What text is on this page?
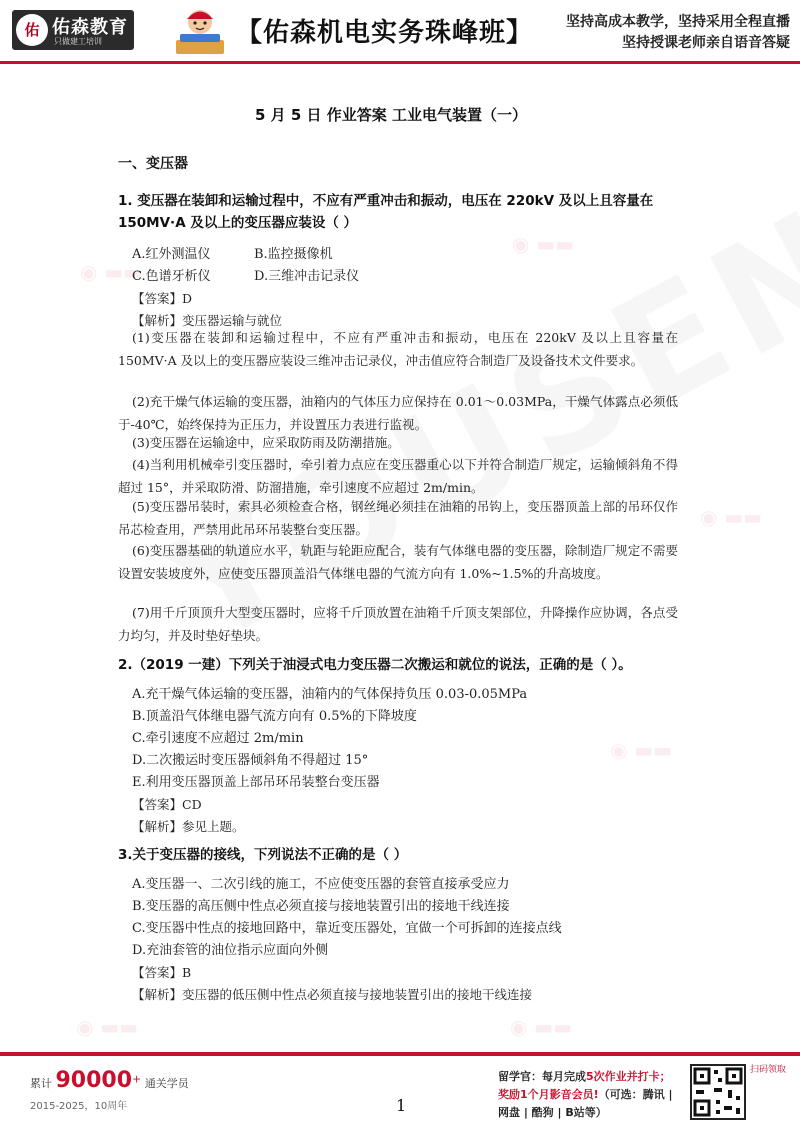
佑 佑森教育
只做建工培训	【佑森机电实务珠峰班】 坚持高成本教学，坚持采用全程直播
坚持授课老师亲自语音答疑
◉ ▬▬
◉ ▬▬
◉ ▬▬
◉ ▬▬
◉ ▬▬	◉ ▬▬
5 月 5 日 作业答案 工业电气装置（一）
一、变压器
1. 变压器在装卸和运输过程中，不应有严重冲击和振动，电压在 220kV 及以上且容量在
150MV·A 及以上的变压器应装设（ ）
A.红外测温仪	B.监控摄像机
C.色谱牙析仪	D.三维冲击记录仪
【答案】D
【解析】变压器运输与就位
(1)变压器在装卸和运输过程中，不应有严重冲击和振动，电压在 220kV 及以上且容量在 150MV·A 及以上的变压器应装设三维冲击记录仪，冲击值应符合制造厂及设备技术文件要求。
(2)充干燥气体运输的变压器，油箱内的气体压力应保持在 0.01～0.03MPa，干燥气体露点必须低于-40℃，始终保持为正压力，并设置压力表进行监视。
(3)变压器在运输途中，应采取防雨及防潮措施。
(4)当利用机械牵引变压器时，牵引着力点应在变压器重心以下并符合制造厂规定，运输倾斜角不得超过 15°，并采取防滑、防溜措施，牵引速度不应超过 2m/min。
(5)变压器吊装时，索具必须检查合格，钢丝绳必须挂在油箱的吊钩上，变压器顶盖上部的吊环仅作吊芯检查用，严禁用此吊环吊装整台变压器。
(6)变压器基础的轨道应水平，轨距与轮距应配合，装有气体继电器的变压器，除制造厂规定不需要设置安装坡度外，应使变压器顶盖沿气体继电器的气流方向有 1.0%~1.5%的升高坡度。
(7)用千斤顶顶升大型变压器时，应将千斤顶放置在油箱千斤顶支架部位，升降操作应协调，各点受力均匀，并及时垫好垫块。
2.（2019 一建）下列关于油浸式电力变压器二次搬运和就位的说法，正确的是（ ）。
A.充干燥气体运输的变压器，油箱内的气体保持负压 0.03-0.05MPa
B.顶盖沿气体继电器气流方向有 0.5%的下降坡度
C.牵引速度不应超过 2m/min
D.二次搬运时变压器倾斜角不得超过 15°
E.利用变压器顶盖上部吊环吊装整台变压器
【答案】CD
【解析】参见上题。
3.关于变压器的接线，下列说法不正确的是（ ）
A.变压器一、二次引线的施工，不应使变压器的套管直接承受应力
B.变压器的高压侧中性点必须直接与接地装置引出的接地干线连接
C.变压器中性点的接地回路中，靠近变压器处，宜做一个可拆卸的连接点线
D.充油套管的油位指示应面向外侧
【答案】B
【解析】变压器的低压侧中性点必须直接与接地装置引出的接地干线连接
累计 90000+ 通关学员
2015-2025，10周年	1
留学官：每月完成5次作业并打卡；
奖励1个月影音会员!（可选：腾讯 |
网盘 | 酷狗 | B站等）
扫码领取
